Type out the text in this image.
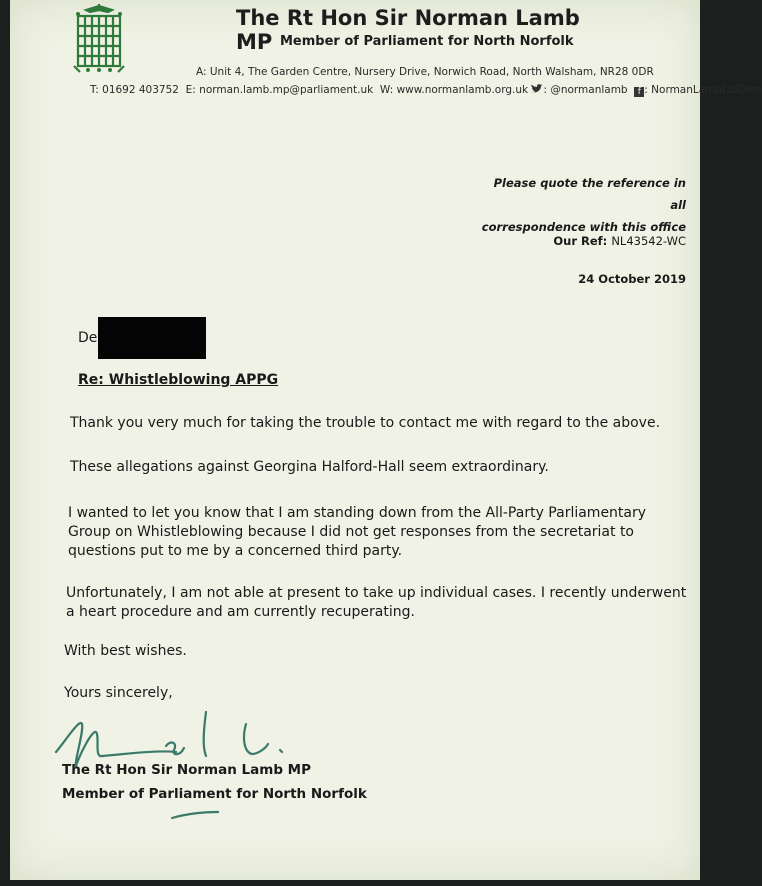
The Rt Hon Sir Norman Lamb MP Member of Parliament for North Norfolk
A: Unit 4, The Garden Centre, Nursery Drive, Norwich Road, North Walsham, NR28 0DR
T: 01692 403752 E: norman.lamb.mp@parliament.uk W: www.normanlamb.org.uk : @normanlamb f : NormanLambLibDem
Please quote the reference in all
correspondence with this office
Our Ref: NL43542-WC
24 October 2019
De
Re: Whistleblowing APPG
Thank you very much for taking the trouble to contact me with regard to the above.
These allegations against Georgina Halford-Hall seem extraordinary.
I wanted to let you know that I am standing down from the All-Party Parliamentary Group on Whistleblowing because I did not get responses from the secretariat to questions put to me by a concerned third party.
Unfortunately, I am not able at present to take up individual cases. I recently underwent a heart procedure and am currently recuperating.
With best wishes.
Yours sincerely,
The Rt Hon Sir Norman Lamb MP
Member of Parliament for North Norfolk
